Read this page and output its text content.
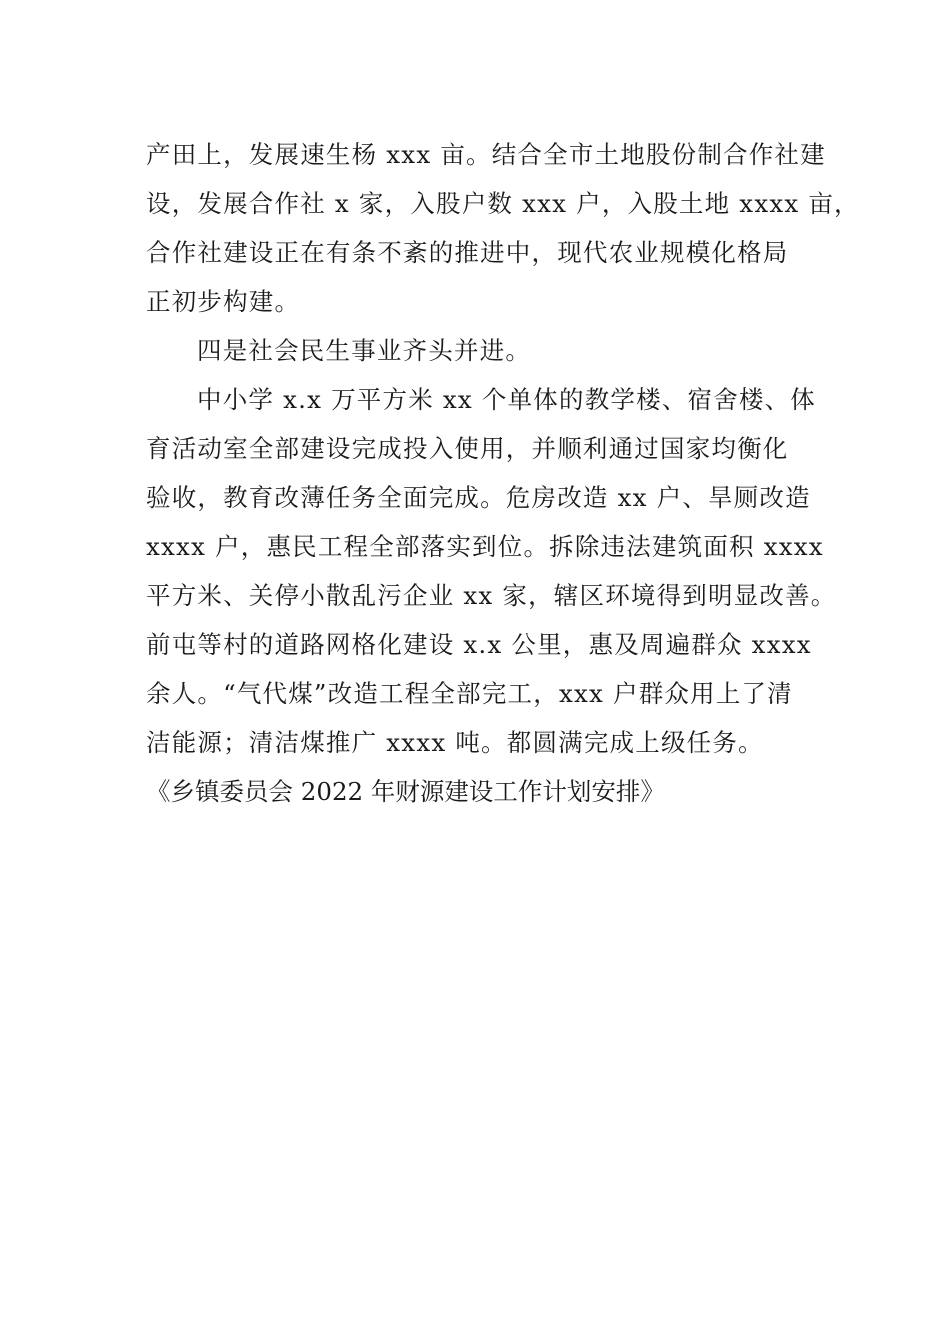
产田上，发展速生杨 xxx 亩。结合全市土地股份制合作社建
设，发展合作社 x 家，入股户数 xxx 户，入股土地 xxxx 亩，
合作社建设正在有条不紊的推进中，现代农业规模化格局
正初步构建。
四是社会民生事业齐头并进。
中小学 x.x 万平方米 xx 个单体的教学楼、宿舍楼、体
育活动室全部建设完成投入使用，并顺利通过国家均衡化
验收，教育改薄任务全面完成。危房改造 xx 户、旱厕改造
xxxx 户，惠民工程全部落实到位。拆除违法建筑面积 xxxx
平方米、关停小散乱污企业 xx 家，辖区环境得到明显改善。
前屯等村的道路网格化建设 x.x 公里，惠及周遍群众 xxxx
余人。“气代煤”改造工程全部完工，xxx 户群众用上了清
洁能源；清洁煤推广 xxxx 吨。都圆满完成上级任务。
《乡镇委员会 2022 年财源建设工作计划安排》
